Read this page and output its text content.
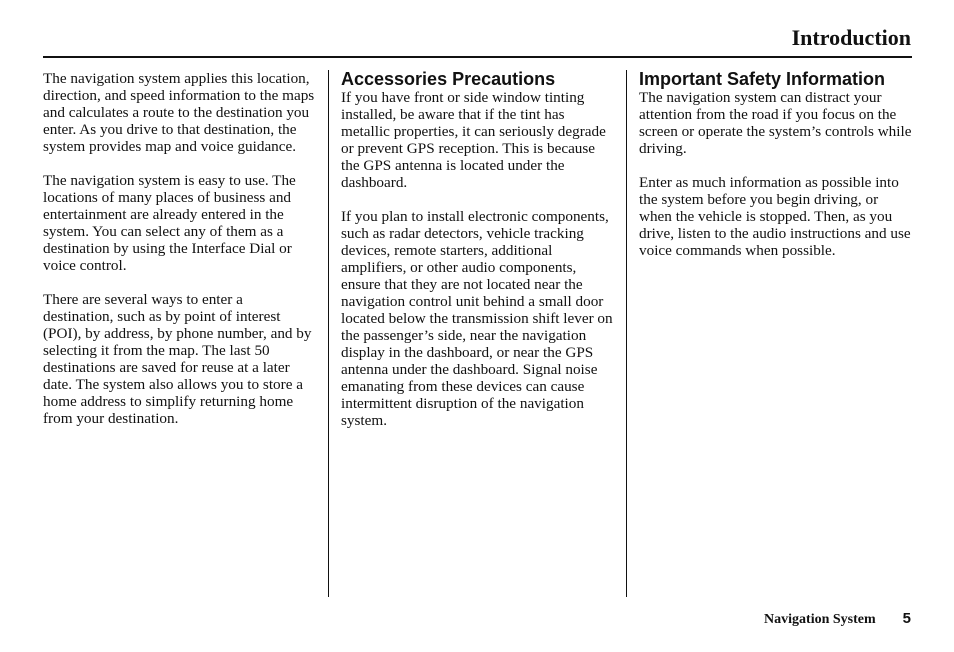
Introduction

The navigation system applies this location, direction, and speed information to the maps and calculates a route to the destination you enter. As you drive to that destination, the system provides map and voice guidance.

The navigation system is easy to use. The locations of many places of business and entertainment are already entered in the system. You can select any of them as a destination by using the Interface Dial or voice control.

There are several ways to enter a destination, such as by point of interest (POI), by address, by phone number, and by selecting it from the map. The last 50 destinations are saved for reuse at a later date. The system also allows you to store a home address to simplify returning home from your destination.

Accessories Precautions

If you have front or side window tinting installed, be aware that if the tint has metallic properties, it can seriously degrade or prevent GPS reception. This is because the GPS antenna is located under the dashboard.

If you plan to install electronic components, such as radar detectors, vehicle tracking devices, remote starters, additional amplifiers, or other audio components, ensure that they are not located near the navigation control unit behind a small door located below the transmission shift lever on the passenger’s side, near the navigation display in the dashboard, or near the GPS antenna under the dashboard. Signal noise emanating from these devices can cause intermittent disruption of the navigation system.

Important Safety Information

The navigation system can distract your attention from the road if you focus on the screen or operate the system’s controls while driving.

Enter as much information as possible into the system before you begin driving, or when the vehicle is stopped. Then, as you drive, listen to the audio instructions and use voice commands when possible.

Navigation System 5
